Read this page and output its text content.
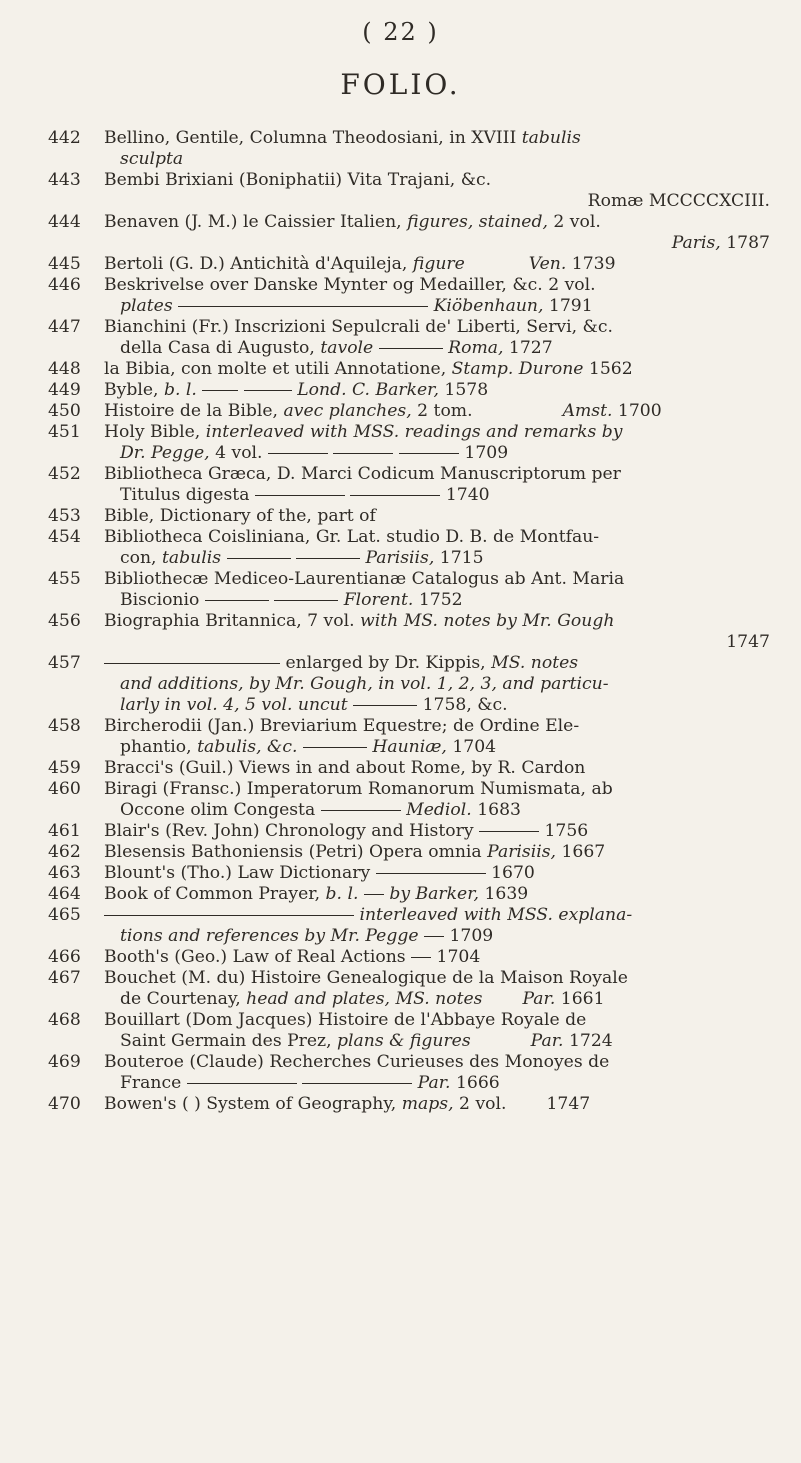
( 22 )
FOLIO.
442	Bellino, Gentile, Columna Theodosiani, in XVIII tabulis
sculpta
443	Bembi Brixiani (Boniphatii) Vita Trajani, &c.
Romæ MCCCCXCIII.
444	Benaven (J. M.) le Caissier Italien, figures, stained, 2 vol.
Paris, 1787
445	Bertoli (G. D.) Antichità d'Aquileja, figure	Ven. 1739
446	Beskrivelse over Danske Mynter og Medailler, &c. 2 vol.
plates	Kiöbenhaun, 1791
447	Bianchini (Fr.) Inscrizioni Sepulcrali de' Liberti, Servi, &c.
della Casa di Augusto, tavole	Roma, 1727
448	la Bibia, con molte et utili Annotatione, Stamp. Durone 1562
449	Byble, b. l.	Lond. C. Barker, 1578
450	Histoire de la Bible, avec planches, 2 tom.	Amst. 1700
451	Holy Bible, interleaved with MSS. readings and remarks by
Dr. Pegge, 4 vol.	1709
452	Bibliotheca Græca, D. Marci Codicum Manuscriptorum per
Titulus digesta	1740
453	Bible, Dictionary of the, part of
454	Bibliotheca Coisliniana, Gr. Lat. studio D. B. de Montfau-
con, tabulis	Parisiis, 1715
455	Bibliothecæ Mediceo-Laurentianæ Catalogus ab Ant. Maria
Biscionio	Florent. 1752
456	Biographia Britannica, 7 vol. with MS. notes by Mr. Gough
1747
457	enlarged by Dr. Kippis, MS. notes
and additions, by Mr. Gough, in vol. 1, 2, 3, and particu-
larly in vol. 4, 5 vol. uncut	1758, &c.
458	Bircherodii (Jan.) Breviarium Equestre; de Ordine Ele-
phantio, tabulis, &c.	Hauniæ, 1704
459	Bracci's (Guil.) Views in and about Rome, by R. Cardon
460	Biragi (Fransc.) Imperatorum Romanorum Numismata, ab
Occone olim Congesta	Mediol. 1683
461	Blair's (Rev. John) Chronology and History	1756
462	Blesensis Bathoniensis (Petri) Opera omnia Parisiis, 1667
463	Blount's (Tho.) Law Dictionary	1670
464	Book of Common Prayer, b. l. by Barker, 1639
465	interleaved with MSS. explana-
tions and references by Mr. Pegge 1709
466	Booth's (Geo.) Law of Real Actions 1704
467	Bouchet (M. du) Histoire Genealogique de la Maison Royale
de Courtenay, head and plates, MS. notes Par. 1661
468	Bouillart (Dom Jacques) Histoire de l'Abbaye Royale de
Saint Germain des Prez, plans & figures	Par. 1724
469	Bouteroe (Claude) Recherches Curieuses des Monoyes de
France	Par. 1666
470	Bowen's ( ) System of Geography, maps, 2 vol. 1747
